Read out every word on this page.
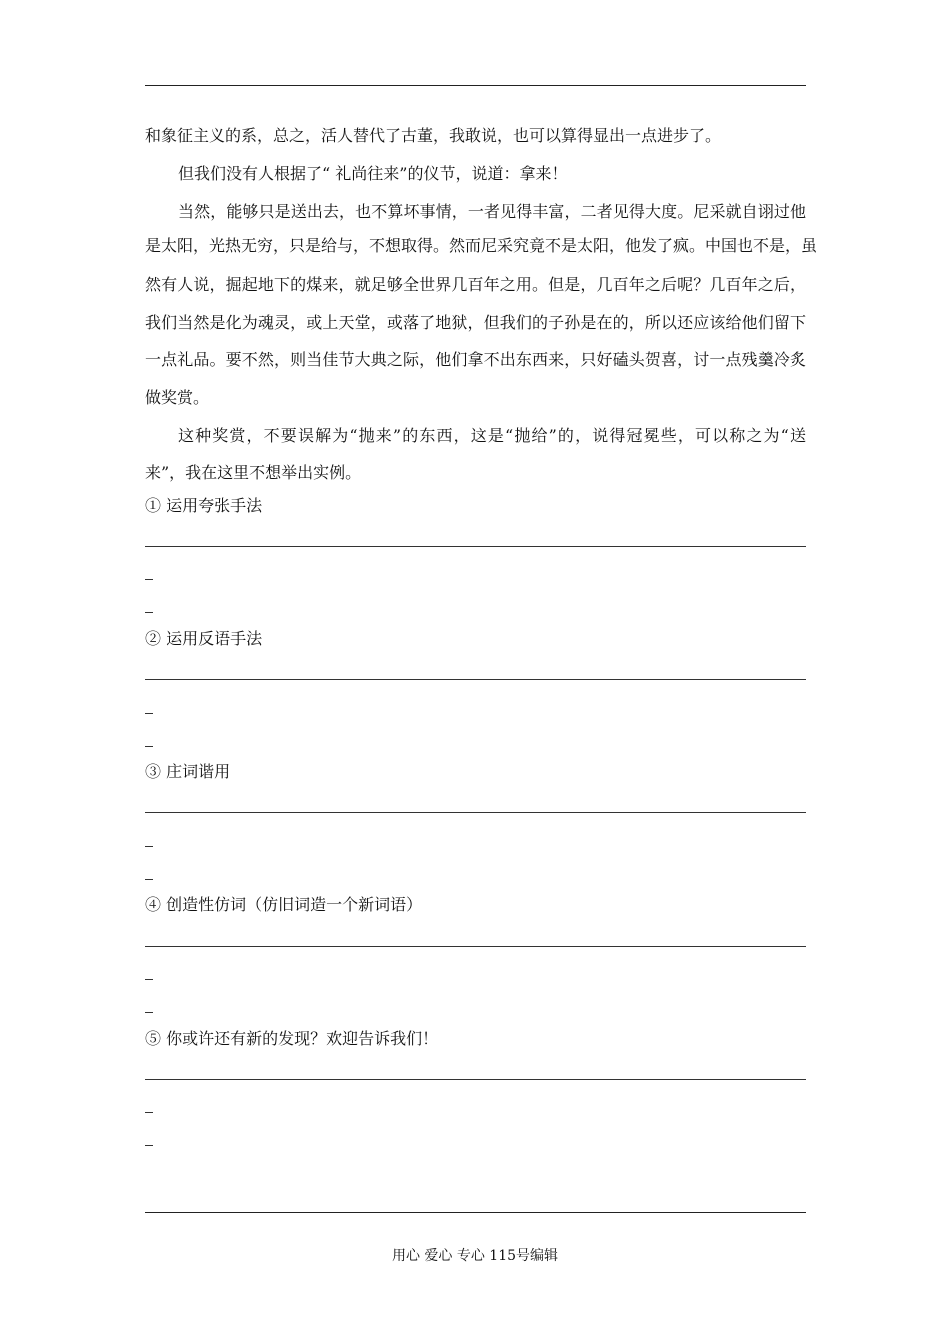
和象征主义的系，总之，活人替代了古董，我敢说，也可以算得显出一点进步了。
但我们没有人根据了“ 礼尚往来”的仪节，说道：拿来！
当然，能够只是送出去，也不算坏事情，一者见得丰富，二者见得大度。尼采就自诩过他
是太阳，光热无穷，只是给与，不想取得。然而尼采究竟不是太阳，他发了疯。中国也不是，虽
然有人说，掘起地下的煤来，就足够全世界几百年之用。但是，几百年之后呢？几百年之后，
我们当然是化为魂灵，或上天堂，或落了地狱，但我们的子孙是在的，所以还应该给他们留下
一点礼品。要不然，则当佳节大典之际，他们拿不出东西来，只好磕头贺喜，讨一点残羹冷炙
做奖赏。
这种奖赏，不要误解为“抛来”的东西，这是“抛给”的，说得冠冕些，可以称之为“送
来”，我在这里不想举出实例。
① 运用夸张手法
② 运用反语手法
③ 庄词谐用
④ 创造性仿词（仿旧词造一个新词语）
⑤ 你或许还有新的发现？欢迎告诉我们！
用心 爱心 专心 115号编辑
